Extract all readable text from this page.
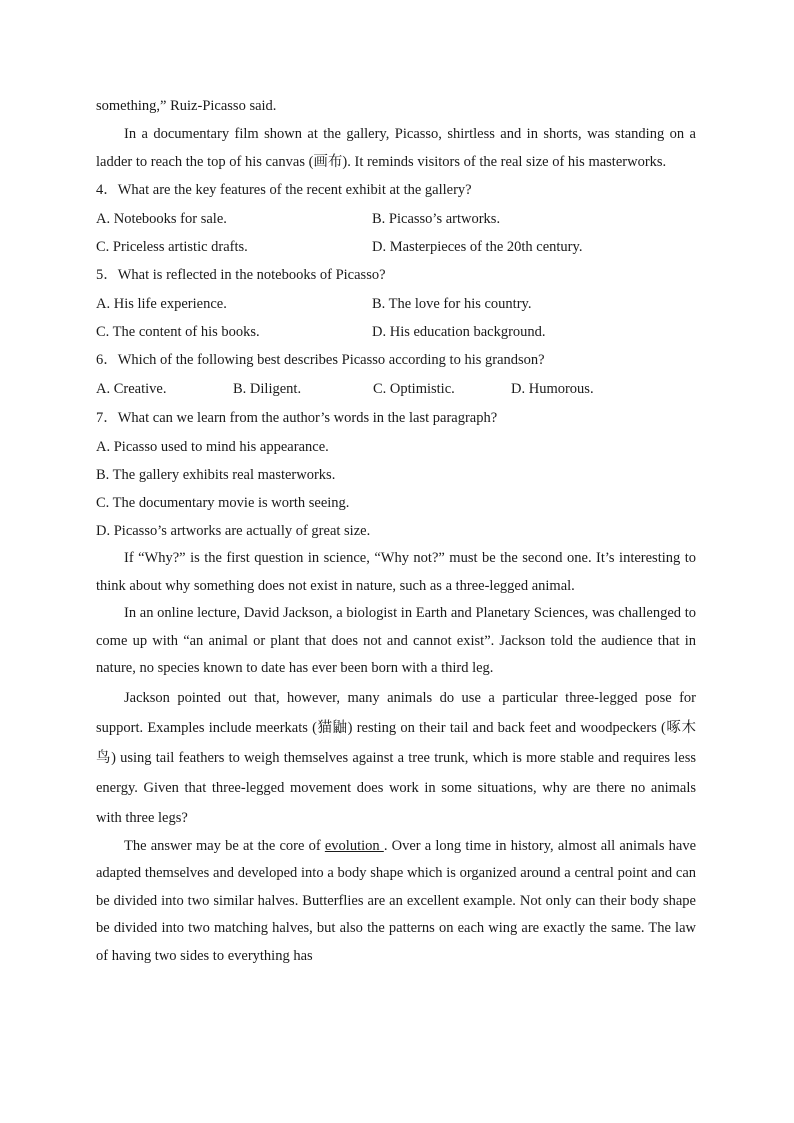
something,” Ruiz-Picasso said.

In a documentary film shown at the gallery, Picasso, shirtless and in shorts, was standing on a ladder to reach the top of his canvas (画布). It reminds visitors of the real size of his masterworks.

4．What are the key features of the recent exhibit at the gallery?

A. Notebooks for sale.	B. Picasso’s artworks.
C. Priceless artistic drafts.	D. Masterpieces of the 20th century.

5．What is reflected in the notebooks of Picasso?

A. His life experience.	B. The love for his country.
C. The content of his books.	D. His education background.

6．Which of the following best describes Picasso according to his grandson?

A. Creative.	B. Diligent.	C. Optimistic.	D. Humorous.

7．What can we learn from the author’s words in the last paragraph?

A. Picasso used to mind his appearance.

B. The gallery exhibits real masterworks.

C. The documentary movie is worth seeing.

D. Picasso’s artworks are actually of great size.

If “Why?” is the first question in science, “Why not?” must be the second one. It’s interesting to think about why something does not exist in nature, such as a three-legged animal.

In an online lecture, David Jackson, a biologist in Earth and Planetary Sciences, was challenged to come up with “an animal or plant that does not and cannot exist”. Jackson told the audience that in nature, no species known to date has ever been born with a third leg.

Jackson pointed out that, however, many animals do use a particular three-legged pose for support. Examples include meerkats (猫鼬) resting on their tail and back feet and woodpeckers (啄木鸟) using tail feathers to weigh themselves against a tree trunk, which is more stable and requires less energy. Given that three-legged movement does work in some situations, why are there no animals with three legs?

The answer may be at the core of evolution . Over a long time in history, almost all animals have adapted themselves and developed into a body shape which is organized around a central point and can be divided into two similar halves. Butterflies are an excellent example. Not only can their body shape be divided into two matching halves, but also the patterns on each wing are exactly the same. The law of having two sides to everything has
